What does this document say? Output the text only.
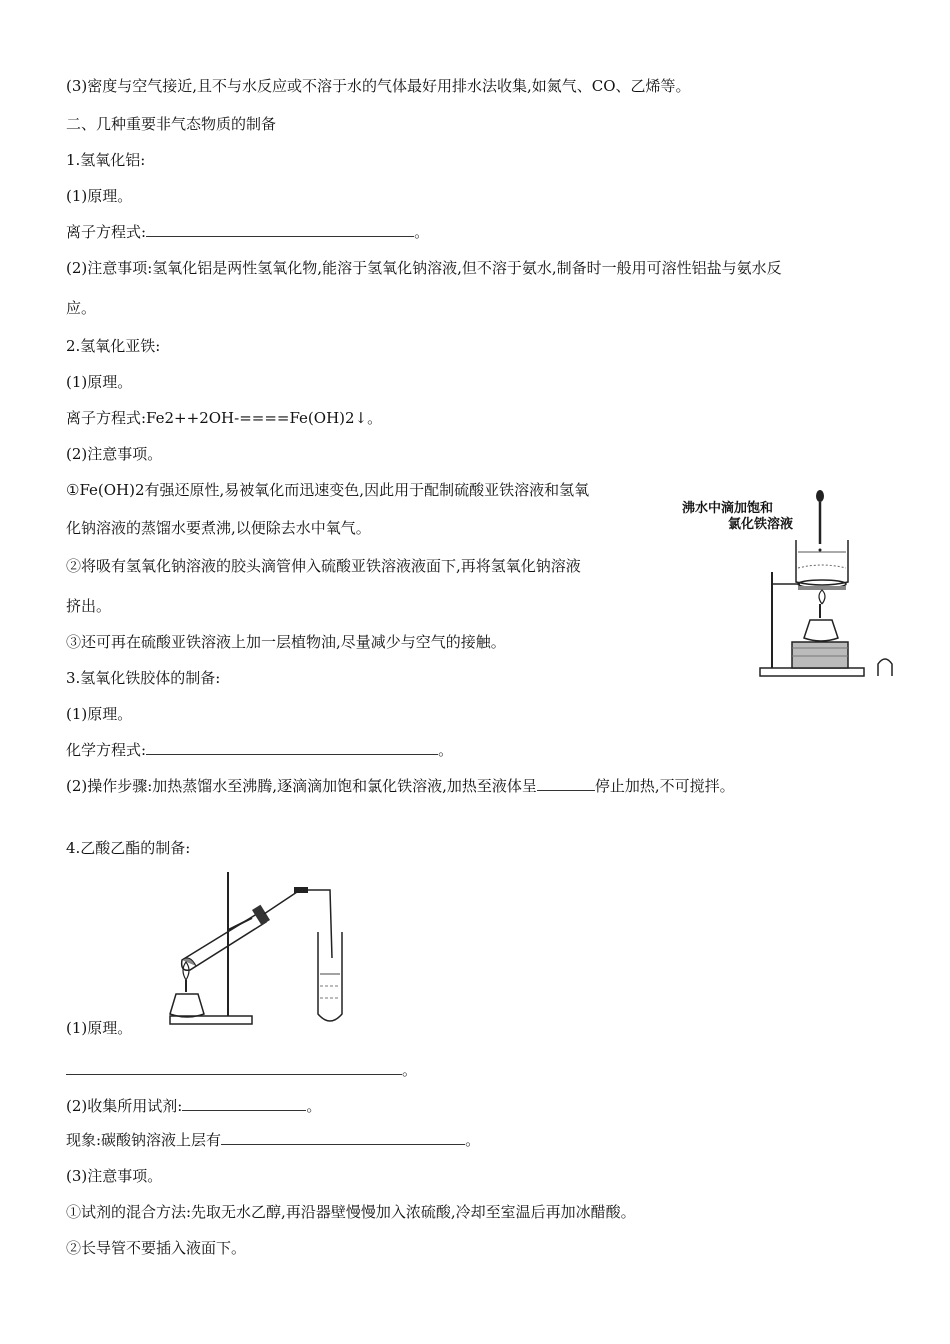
(3)密度与空气接近,且不与水反应或不溶于水的气体最好用排水法收集,如氮气、CO、乙烯等。
二、几种重要非气态物质的制备
1.氢氧化铝:
(1)原理。
离子方程式:	。
(2)注意事项:氢氧化铝是两性氢氧化物,能溶于氢氧化钠溶液,但不溶于氨水,制备时一般用可溶性铝盐与氨水反
应。
2.氢氧化亚铁:
(1)原理。
离子方程式:Fe2++2OH-====Fe(OH)2↓。
(2)注意事项。
①Fe(OH)2有强还原性,易被氧化而迅速变色,因此用于配制硫酸亚铁溶液和氢氧
化钠溶液的蒸馏水要煮沸,以便除去水中氧气。
②将吸有氢氧化钠溶液的胶头滴管伸入硫酸亚铁溶液液面下,再将氢氧化钠溶液
挤出。
③还可再在硫酸亚铁溶液上加一层植物油,尽量减少与空气的接触。
3.氢氧化铁胶体的制备:
(1)原理。
化学方程式:	。
(2)操作步骤:加热蒸馏水至沸腾,逐滴滴加饱和氯化铁溶液,加热至液体呈	停止加热,不可搅拌。
4.乙酸乙酯的制备:
(1)原理。
。
(2)收集所用试剂:	。
现象:碳酸钠溶液上层有	。
(3)注意事项。
①试剂的混合方法:先取无水乙醇,再沿器壁慢慢加入浓硫酸,冷却至室温后再加冰醋酸。
②长导管不要插入液面下。
沸水中滴加饱和
氯化铁溶液
